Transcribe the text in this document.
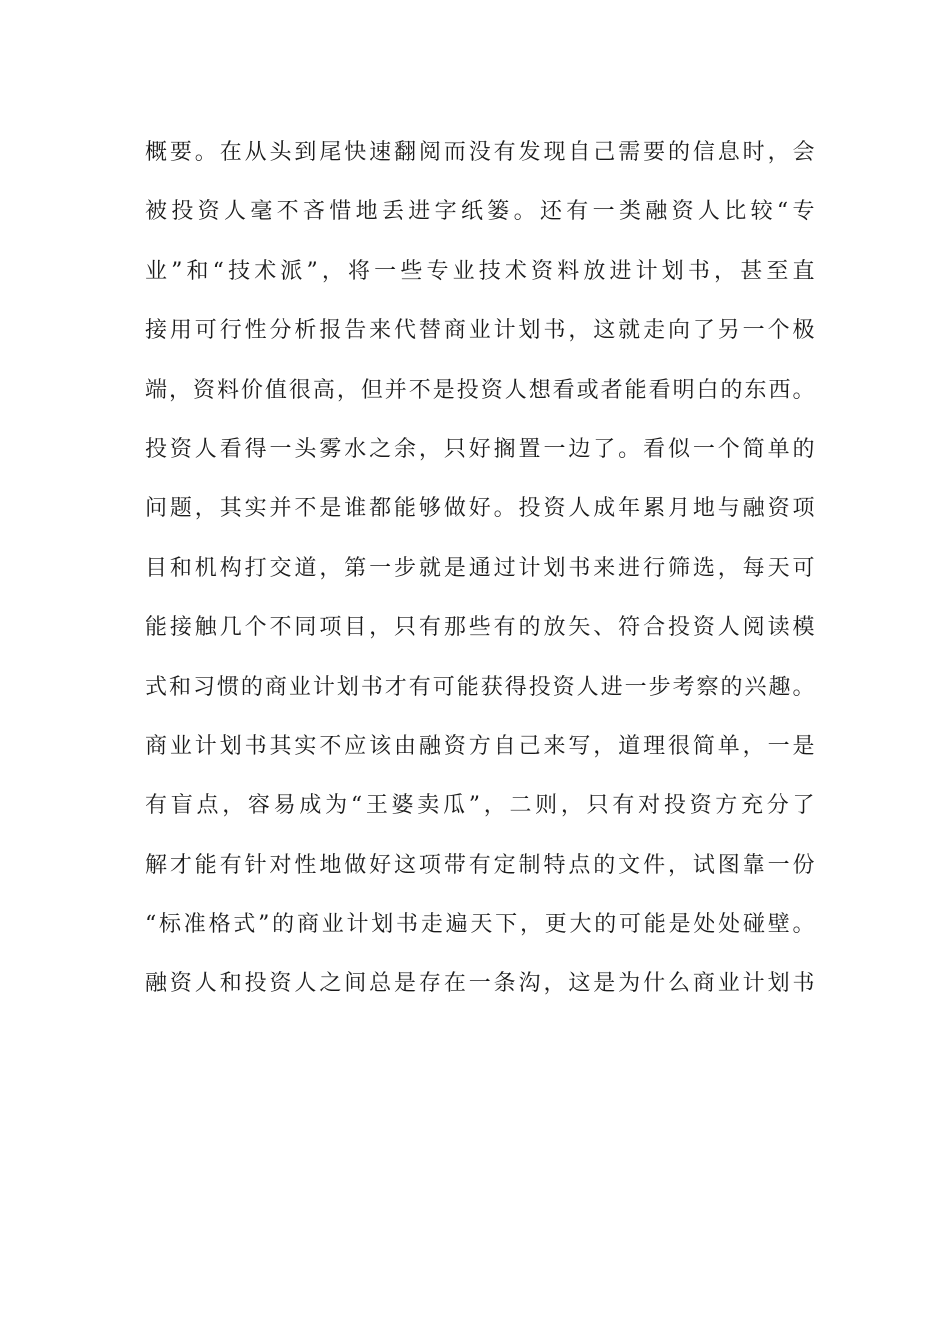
概要。在从头到尾快速翻阅而没有发现自己需要的信息时，会
被投资人毫不吝惜地丢进字纸篓。还有一类融资人比较“专
业”和“技术派”，将一些专业技术资料放进计划书，甚至直
接用可行性分析报告来代替商业计划书，这就走向了另一个极
端，资料价值很高，但并不是投资人想看或者能看明白的东西。
投资人看得一头雾水之余，只好搁置一边了。看似一个简单的
问题，其实并不是谁都能够做好。投资人成年累月地与融资项
目和机构打交道，第一步就是通过计划书来进行筛选，每天可
能接触几个不同项目，只有那些有的放矢、符合投资人阅读模
式和习惯的商业计划书才有可能获得投资人进一步考察的兴趣。
商业计划书其实不应该由融资方自己来写，道理很简单，一是
有盲点，容易成为“王婆卖瓜”，二则，只有对投资方充分了
解才能有针对性地做好这项带有定制特点的文件，试图靠一份
“标准格式”的商业计划书走遍天下，更大的可能是处处碰壁。
融资人和投资人之间总是存在一条沟，这是为什么商业计划书
